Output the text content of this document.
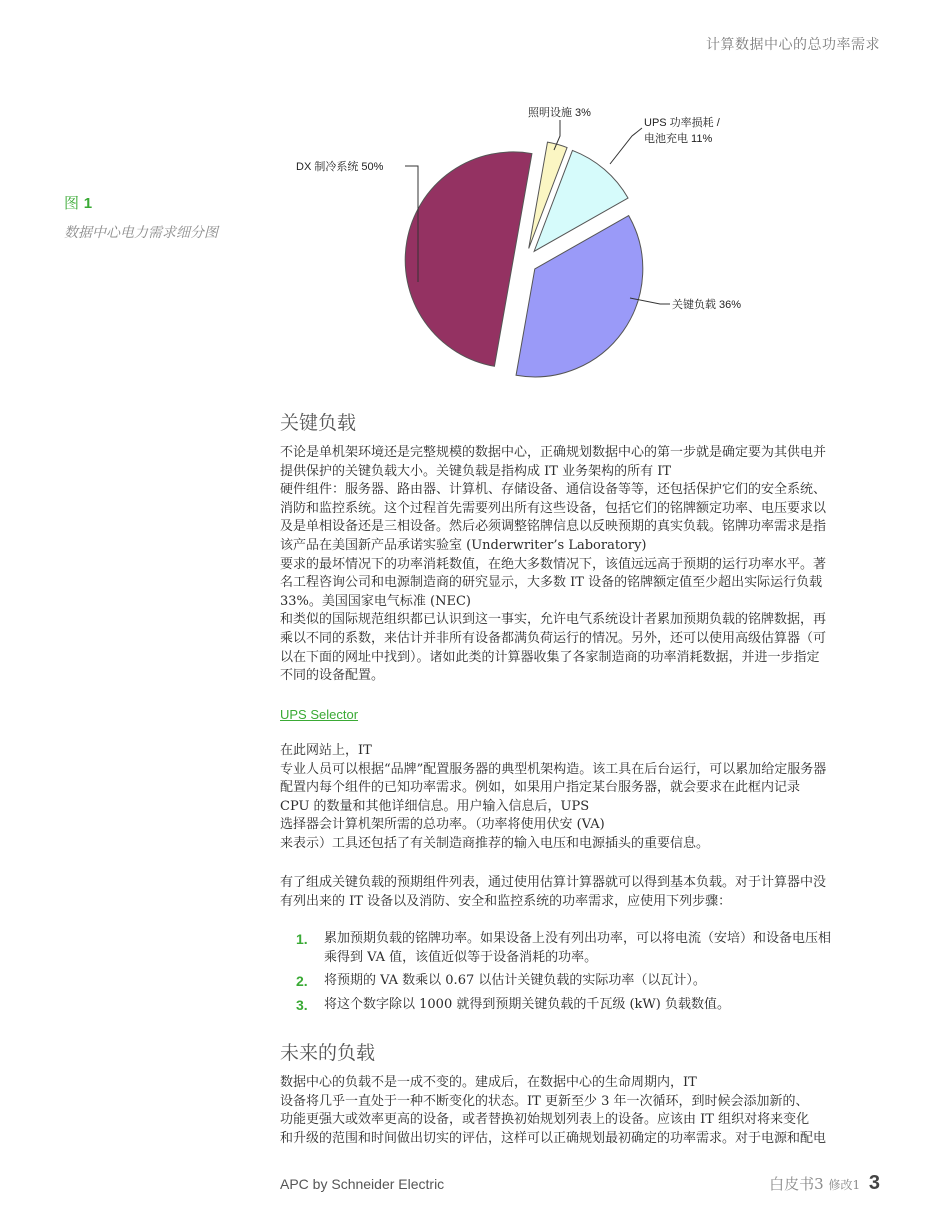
计算数据中心的总功率需求
图 1
数据中心电力需求细分图
DX 制冷系统 50%
照明设施 3%
UPS 功率损耗 /
电池充电 11%
关键负载 36%

关键负载

不论是单机架环境还是完整规模的数据中心，正确规划数据中心的第一步就是确定要为其供电并

提供保护的关键负载大小。关键负载是指构成 IT 业务架构的所有 IT

硬件组件：服务器、路由器、计算机、存储设备、通信设备等等，还包括保护它们的安全系统、

消防和监控系统。这个过程首先需要列出所有这些设备，包括它们的铭牌额定功率、电压要求以

及是单相设备还是三相设备。然后必须调整铭牌信息以反映预期的真实负载。铭牌功率需求是指

该产品在美国新产品承诺实验室 (Underwriter’s Laboratory)

要求的最坏情况下的功率消耗数值，在绝大多数情况下，该值远远高于预期的运行功率水平。著

名工程咨询公司和电源制造商的研究显示，大多数 IT 设备的铭牌额定值至少超出实际运行负载

33%。美国国家电气标准 (NEC)

和类似的国际规范组织都已认识到这一事实，允许电气系统设计者累加预期负载的铭牌数据，再

乘以不同的系数，来估计并非所有设备都满负荷运行的情况。另外，还可以使用高级估算器（可

以在下面的网址中找到）。诸如此类的计算器收集了各家制造商的功率消耗数据，并进一步指定

不同的设备配置。

UPS Selector

在此网站上，IT

专业人员可以根据“品牌”配置服务器的典型机架构造。该工具在后台运行，可以累加给定服务器

配置内每个组件的已知功率需求。例如，如果用户指定某台服务器，就会要求在此框内记录

CPU 的数量和其他详细信息。用户输入信息后，UPS

选择器会计算机架所需的总功率。（功率将使用伏安 (VA)

来表示）工具还包括了有关制造商推荐的输入电压和电源插头的重要信息。

有了组成关键负载的预期组件列表，通过使用估算计算器就可以得到基本负载。对于计算器中没

有列出来的 IT 设备以及消防、安全和监控系统的功率需求，应使用下列步骤：

1. 累加预期负载的铭牌功率。如果设备上没有列出功率，可以将电流（安培）和设备电压相

乘得到 VA 值，该值近似等于设备消耗的功率。

2. 将预期的 VA 数乘以 0.67 以估计关键负载的实际功率（以瓦计）。

3. 将这个数字除以 1000 就得到预期关键负载的千瓦级 (kW) 负载数值。

未来的负载

数据中心的负载不是一成不变的。建成后，在数据中心的生命周期内，IT

设备将几乎一直处于一种不断变化的状态。IT 更新至少 3 年一次循环，到时候会添加新的、

功能更强大或效率更高的设备，或者替换初始规划列表上的设备。应该由 IT 组织对将来变化

和升级的范围和时间做出切实的评估，这样可以正确规划最初确定的功率需求。对于电源和配电

APC by Schneider Electric	白皮书3 修改1 3
